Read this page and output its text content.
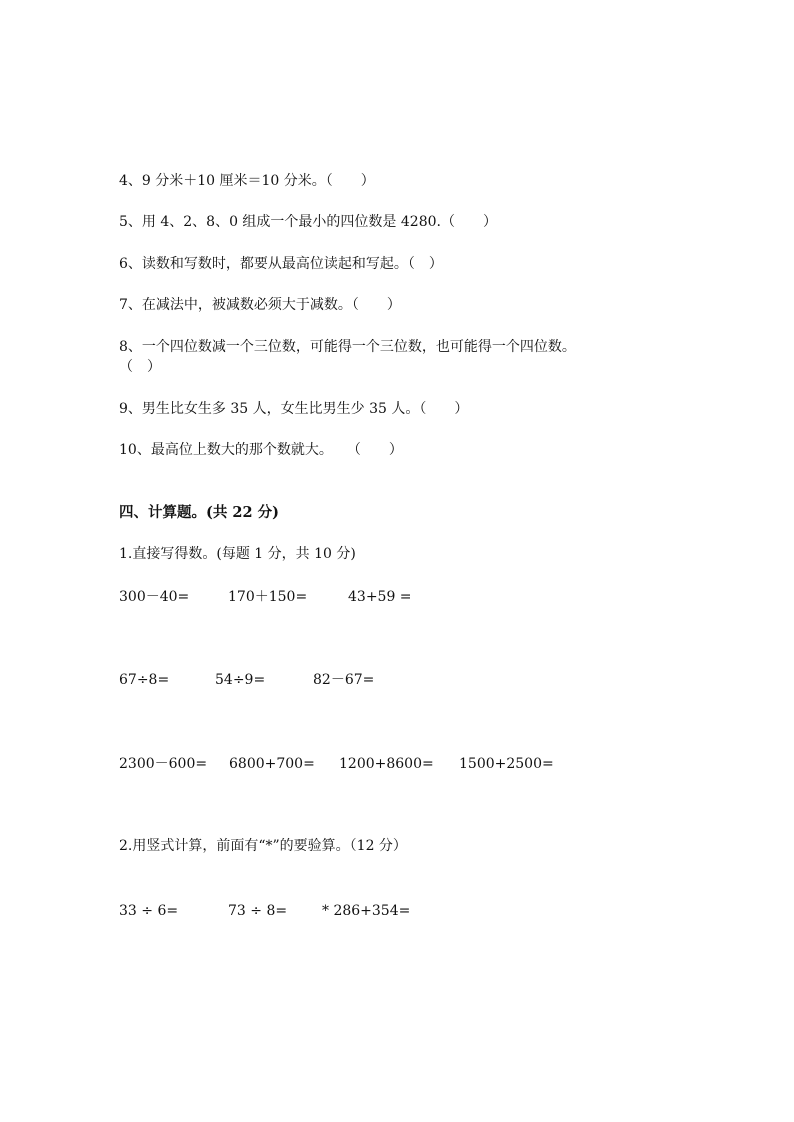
4、9 分米＋10 厘米＝10 分米。（　　）
5、用 4、2、8、0 组成一个最小的四位数是 4280.（　　）
6、读数和写数时，都要从最高位读起和写起。（　）
7、在减法中，被减数必须大于减数。（　　）
8、一个四位数减一个三位数，可能得一个三位数，也可能得一个四位数。
（　）
9、男生比女生多 35 人，女生比男生少 35 人。（　　）
10、最高位上数大的那个数就大。　　（　　）
四、计算题。(共 22 分)
1.直接写得数。(每题 1 分，共 10 分)
300－40=	170＋150=	43+59 =
67÷8=	54÷9=	82－67=
2300－600= 6800+700= 1200+8600= 1500+2500=
2.用竖式计算，前面有“*”的要验算。（12 分）
33 ÷ 6=	73 ÷ 8= * 286+354=
